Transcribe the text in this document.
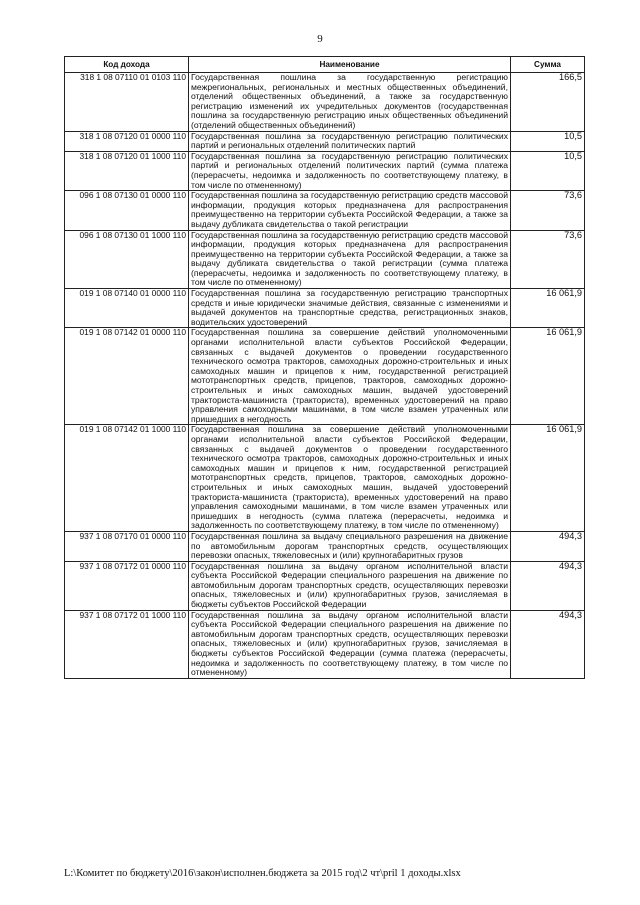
9
Код дохода	Наименование	Сумма
318 1 08 07110 01 0103 110	Государственная пошлина за государственную регистрацию межрегиональных, региональных и местных общественных объединений, отделений общественных объединений, а также за государственную регистрацию изменений их учредительных документов (государственная пошлина за государственную регистрацию иных общественных объединений (отделений общественных объединений)	166,5
318 1 08 07120 01 0000 110	Государственная пошлина за государственную регистрацию политических партий и региональных отделений политических партий	10,5
318 1 08 07120 01 1000 110	Государственная пошлина за государственную регистрацию политических партий и региональных отделений политических партий (сумма платежа (перерасчеты, недоимка и задолженность по соответствующему платежу, в том числе по отмененному)	10,5
096 1 08 07130 01 0000 110	Государственная пошлина за государственную регистрацию средств массовой информации, продукция которых предназначена для распространения преимущественно на территории субъекта Российской Федерации, а также за выдачу дубликата свидетельства о такой регистрации	73,6
096 1 08 07130 01 1000 110	Государственная пошлина за государственную регистрацию средств массовой информации, продукция которых предназначена для распространения преимущественно на территории субъекта Российской Федерации, а также за выдачу дубликата свидетельства о такой регистрации (сумма платежа (перерасчеты, недоимка и задолженность по соответствующему платежу, в том числе по отмененному)	73,6
019 1 08 07140 01 0000 110	Государственная пошлина за государственную регистрацию транспортных средств и иные юридически значимые действия, связанные с изменениями и выдачей документов на транспортные средства, регистрационных знаков, водительских удостоверений	16 061,9
019 1 08 07142 01 0000 110	Государственная пошлина за совершение действий уполномоченными органами исполнительной власти субъектов Российской Федерации, связанных с выдачей документов о проведении государственного технического осмотра тракторов, самоходных дорожно-строительных и иных самоходных машин и прицепов к ним, государственной регистрацией мототранспортных средств, прицепов, тракторов, самоходных дорожно-строительных и иных самоходных машин, выдачей удостоверений тракториста-машиниста (тракториста), временных удостоверений на право управления самоходными машинами, в том числе взамен утраченных или пришедших в негодность	16 061,9
019 1 08 07142 01 1000 110	Государственная пошлина за совершение действий уполномоченными органами исполнительной власти субъектов Российской Федерации, связанных с выдачей документов о проведении государственного технического осмотра тракторов, самоходных дорожно-строительных и иных самоходных машин и прицепов к ним, государственной регистрацией мототранспортных средств, прицепов, тракторов, самоходных дорожно-строительных и иных самоходных машин, выдачей удостоверений тракториста-машиниста (тракториста), временных удостоверений на право управления самоходными машинами, в том числе взамен утраченных или пришедших в негодность (сумма платежа (перерасчеты, недоимка и задолженность по соответствующему платежу, в том числе по отмененному)	16 061,9
937 1 08 07170 01 0000 110	Государственная пошлина за выдачу специального разрешения на движение по автомобильным дорогам транспортных средств, осуществляющих перевозки опасных, тяжеловесных и (или) крупногабаритных грузов	494,3
937 1 08 07172 01 0000 110	Государственная пошлина за выдачу органом исполнительной власти субъекта Российской Федерации специального разрешения на движение по автомобильным дорогам транспортных средств, осуществляющих перевозки опасных, тяжеловесных и (или) крупногабаритных грузов, зачисляемая в бюджеты субъектов Российской Федерации	494,3
937 1 08 07172 01 1000 110	Государственная пошлина за выдачу органом исполнительной власти субъекта Российской Федерации специального разрешения на движение по автомобильным дорогам транспортных средств, осуществляющих перевозки опасных, тяжеловесных и (или) крупногабаритных грузов, зачисляемая в бюджеты субъектов Российской Федерации (сумма платежа (перерасчеты, недоимка и задолженность по соответствующему платежу, в том числе по отмененному)	494,3
L:\Комитет по бюджету\2016\закон\исполнен.бюджета за 2015 год\2 чт\pril 1 доходы.xlsx
